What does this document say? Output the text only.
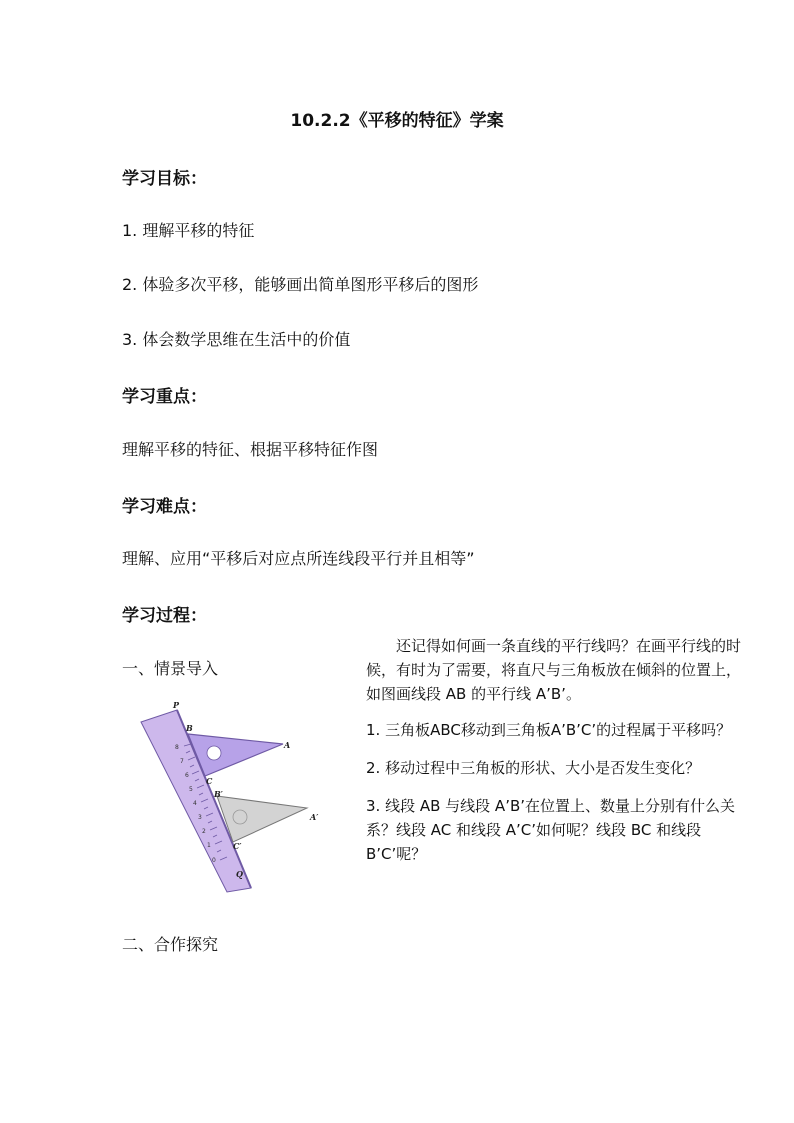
10.2.2《平移的特征》学案
学习目标：
1. 理解平移的特征
2. 体验多次平移，能够画出简单图形平移后的图形
3. 体会数学思维在生活中的价值
学习重点：
理解平移的特征、根据平移特征作图
学习难点：
理解、应用“平移后对应点所连线段平行并且相等”
学习过程：
一、情景导入
还记得如何画一条直线的平行线吗？在画平行线的时候，有时为了需要，将直尺与三角板放在倾斜的位置上，如图画线段 AB 的平行线 A’B’。
1. 三角板ABC移动到三角板A’B’C’的过程属于平移吗？
2. 移动过程中三角板的形状、大小是否发生变化？
3. 线段 AB 与线段 A’B’在位置上、数量上分别有什么关系？线段 AC 和线段 A’C’如何呢？线段 BC 和线段 B’C’呢？
8
7
6
5
4
3
2
1
0
P
B
A
C
B′
A′
C′
Q
二、合作探究
